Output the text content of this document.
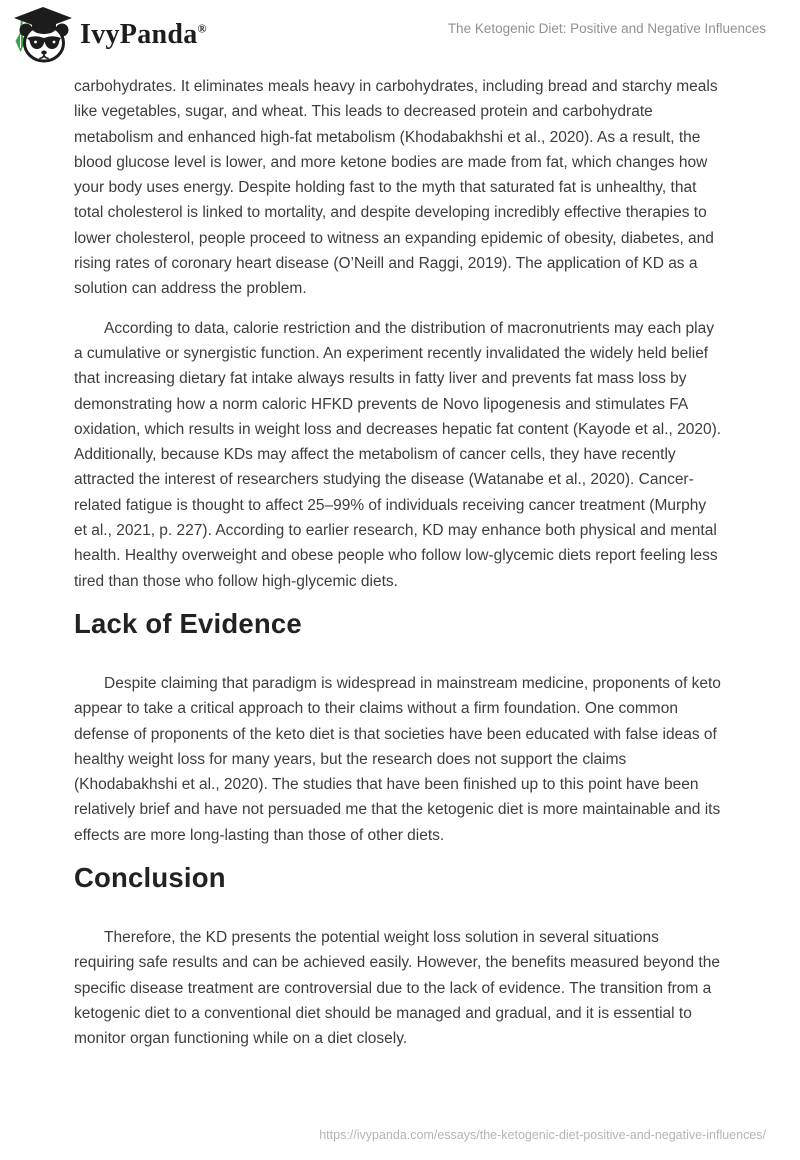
IvyPanda®	The Ketogenic Diet: Positive and Negative Influences

carbohydrates. It eliminates meals heavy in carbohydrates, including bread and starchy meals like vegetables, sugar, and wheat. This leads to decreased protein and carbohydrate metabolism and enhanced high-fat metabolism (Khodabakhshi et al., 2020). As a result, the blood glucose level is lower, and more ketone bodies are made from fat, which changes how your body uses energy. Despite holding fast to the myth that saturated fat is unhealthy, that total cholesterol is linked to mortality, and despite developing incredibly effective therapies to lower cholesterol, people proceed to witness an expanding epidemic of obesity, diabetes, and rising rates of coronary heart disease (O’Neill and Raggi, 2019). The application of KD as a solution can address the problem.

According to data, calorie restriction and the distribution of macronutrients may each play a cumulative or synergistic function. An experiment recently invalidated the widely held belief that increasing dietary fat intake always results in fatty liver and prevents fat mass loss by demonstrating how a norm caloric HFKD prevents de Novo lipogenesis and stimulates FA oxidation, which results in weight loss and decreases hepatic fat content (Kayode et al., 2020). Additionally, because KDs may affect the metabolism of cancer cells, they have recently attracted the interest of researchers studying the disease (Watanabe et al., 2020). Cancer-related fatigue is thought to affect 25–99% of individuals receiving cancer treatment (Murphy et al., 2021, p. 227). According to earlier research, KD may enhance both physical and mental health. Healthy overweight and obese people who follow low-glycemic diets report feeling less tired than those who follow high-glycemic diets.

Lack of Evidence

Despite claiming that paradigm is widespread in mainstream medicine, proponents of keto appear to take a critical approach to their claims without a firm foundation. One common defense of proponents of the keto diet is that societies have been educated with false ideas of healthy weight loss for many years, but the research does not support the claims (Khodabakhshi et al., 2020). The studies that have been finished up to this point have been relatively brief and have not persuaded me that the ketogenic diet is more maintainable and its effects are more long-lasting than those of other diets.

Conclusion

Therefore, the KD presents the potential weight loss solution in several situations requiring safe results and can be achieved easily. However, the benefits measured beyond the specific disease treatment are controversial due to the lack of evidence. The transition from a ketogenic diet to a conventional diet should be managed and gradual, and it is essential to monitor organ functioning while on a diet closely.

https://ivypanda.com/essays/the-ketogenic-diet-positive-and-negative-influences/
